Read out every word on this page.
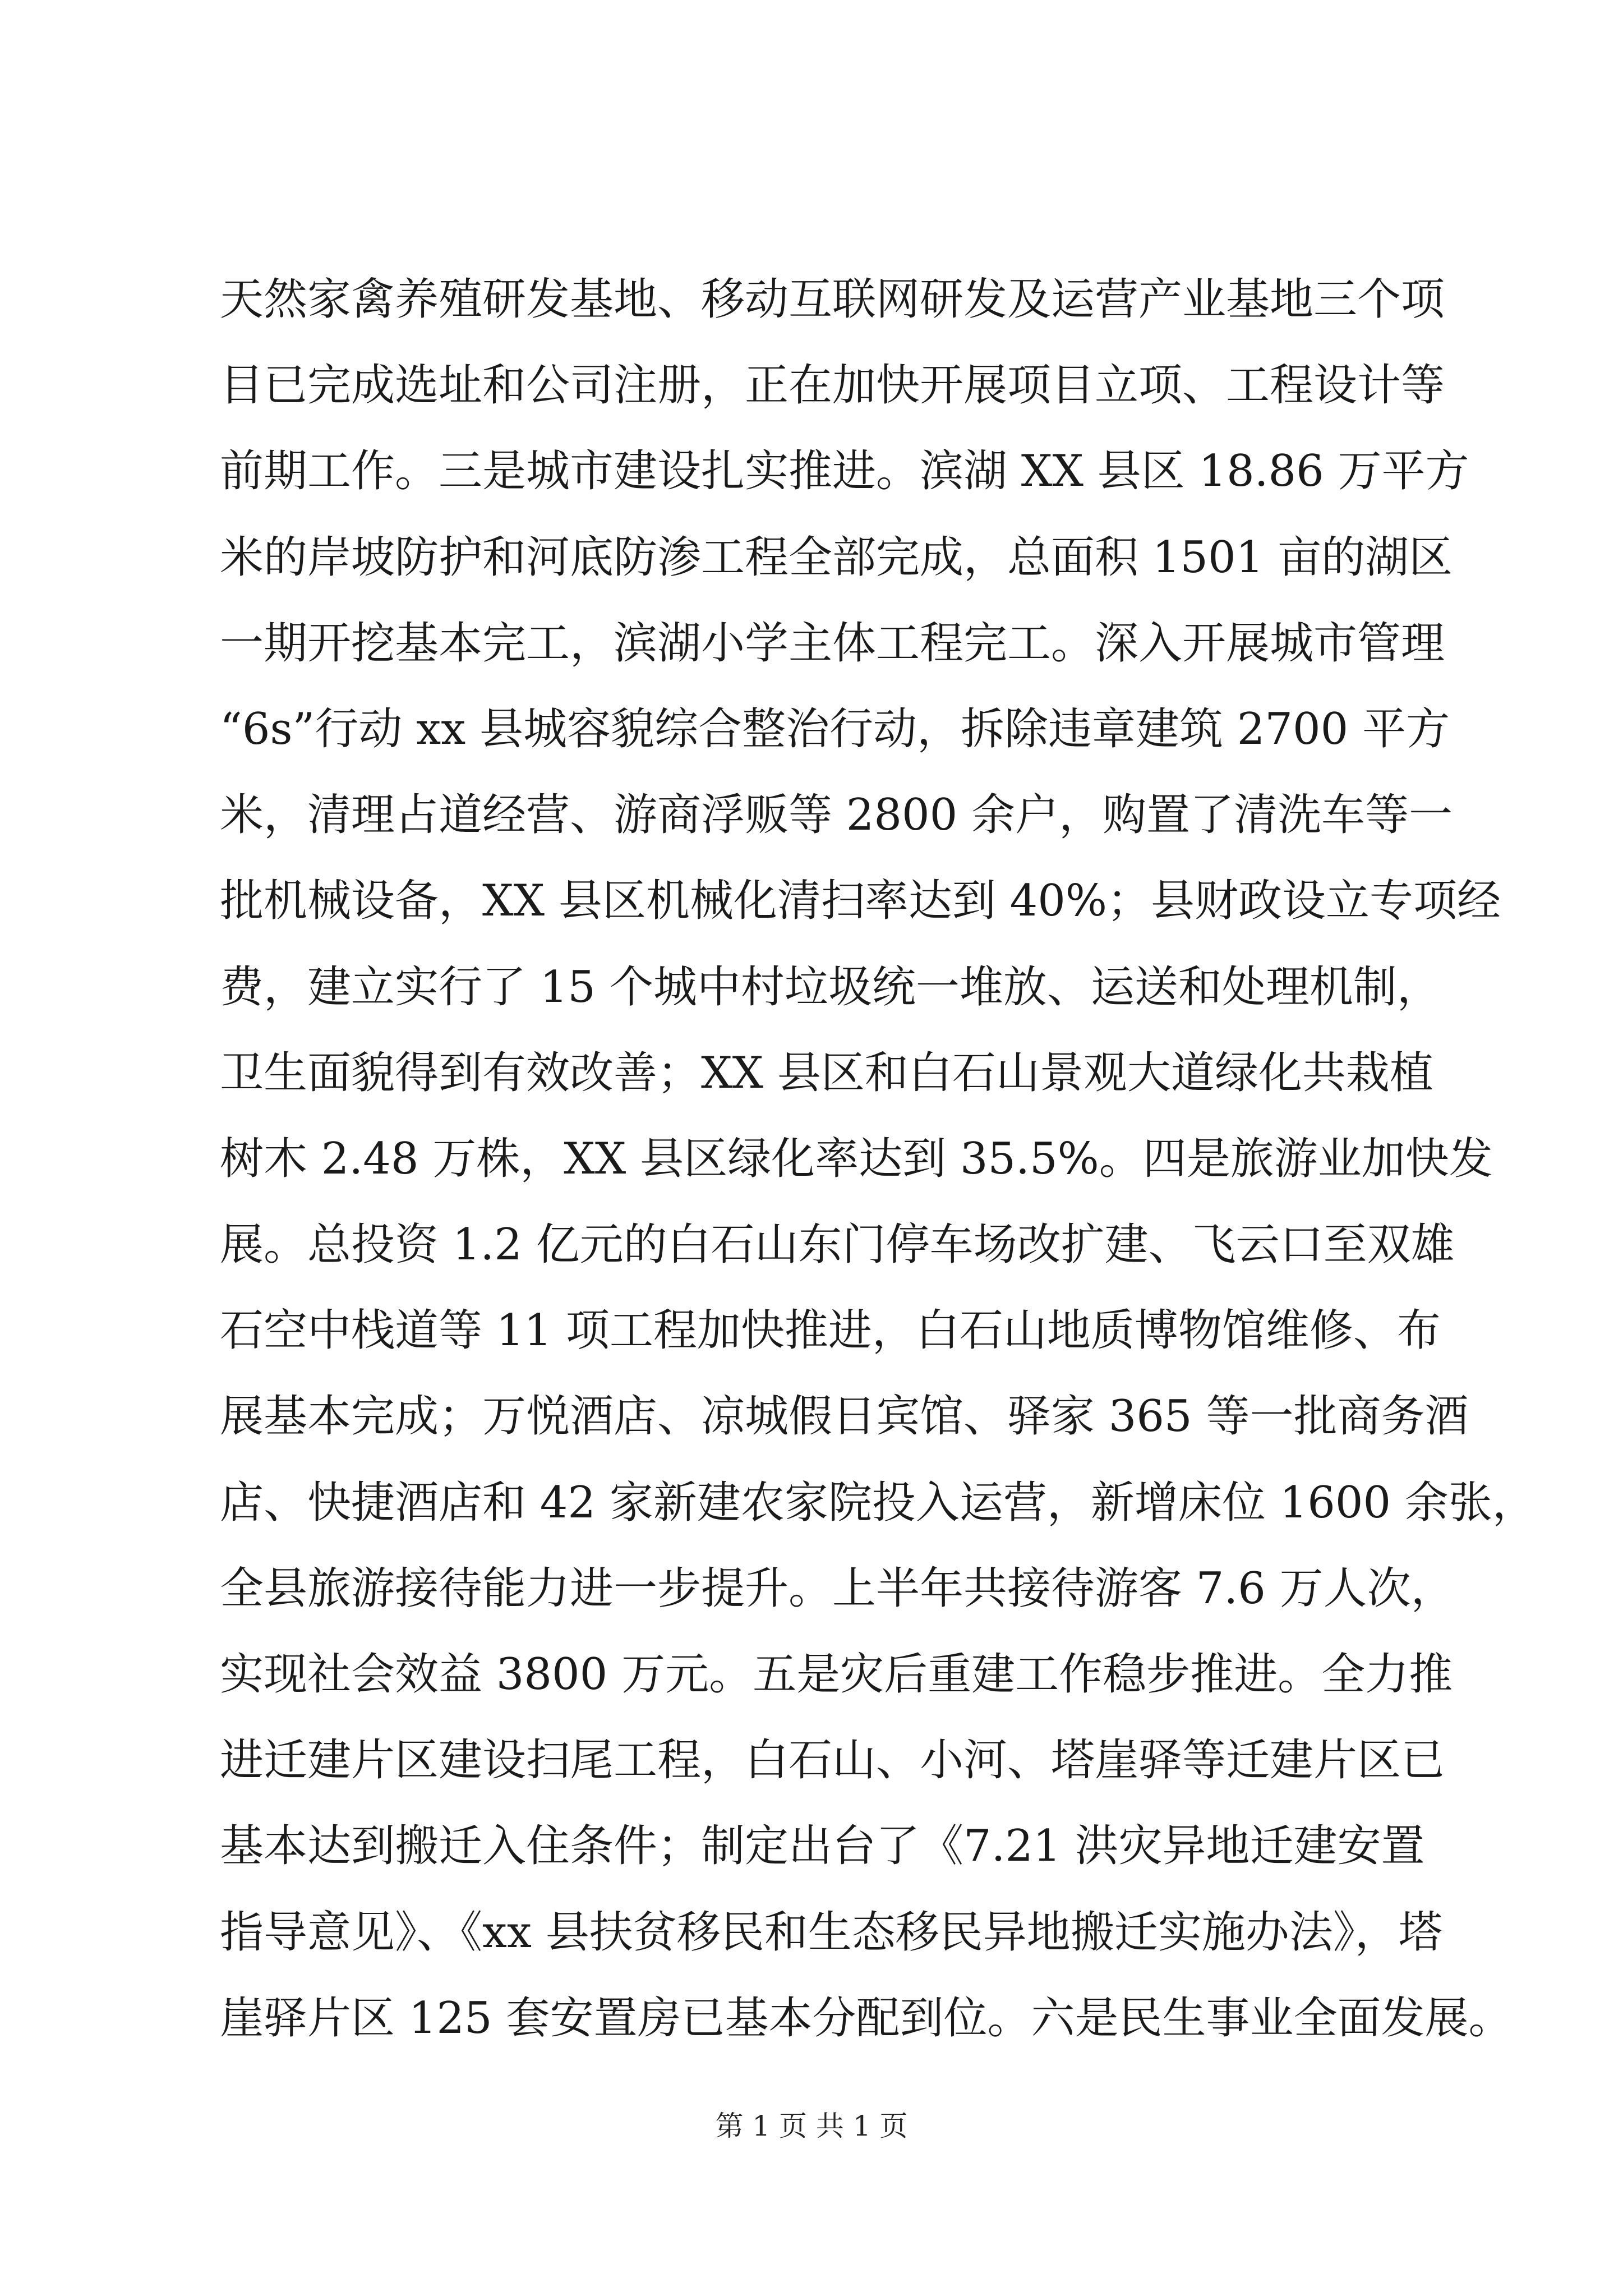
天然家禽养殖研发基地、移动互联网研发及运营产业基地三个项
目已完成选址和公司注册，正在加快开展项目立项、工程设计等
前期工作。三是城市建设扎实推进。滨湖 XX 县区 18.86 万平方
米的岸坡防护和河底防渗工程全部完成，总面积 1501 亩的湖区
一期开挖基本完工，滨湖小学主体工程完工。深入开展城市管理
“6s”行动 xx 县城容貌综合整治行动，拆除违章建筑 2700 平方
米，清理占道经营、游商浮贩等 2800 余户，购置了清洗车等一
批机械设备，XX 县区机械化清扫率达到 40%；县财政设立专项经
费，建立实行了 15 个城中村垃圾统一堆放、运送和处理机制，
卫生面貌得到有效改善；XX 县区和白石山景观大道绿化共栽植
树木 2.48 万株，XX 县区绿化率达到 35.5%。四是旅游业加快发
展。总投资 1.2 亿元的白石山东门停车场改扩建、飞云口至双雄
石空中栈道等 11 项工程加快推进，白石山地质博物馆维修、布
展基本完成；万悦酒店、凉城假日宾馆、驿家 365 等一批商务酒
店、快捷酒店和 42 家新建农家院投入运营，新增床位 1600 余张，
全县旅游接待能力进一步提升。上半年共接待游客 7.6 万人次，
实现社会效益 3800 万元。五是灾后重建工作稳步推进。全力推
进迁建片区建设扫尾工程，白石山、小河、塔崖驿等迁建片区已
基本达到搬迁入住条件；制定出台了《7.21 洪灾异地迁建安置
指导意见》、《xx 县扶贫移民和生态移民异地搬迁实施办法》，塔
崖驿片区 125 套安置房已基本分配到位。六是民生事业全面发展。
第 1 页 共 1 页
